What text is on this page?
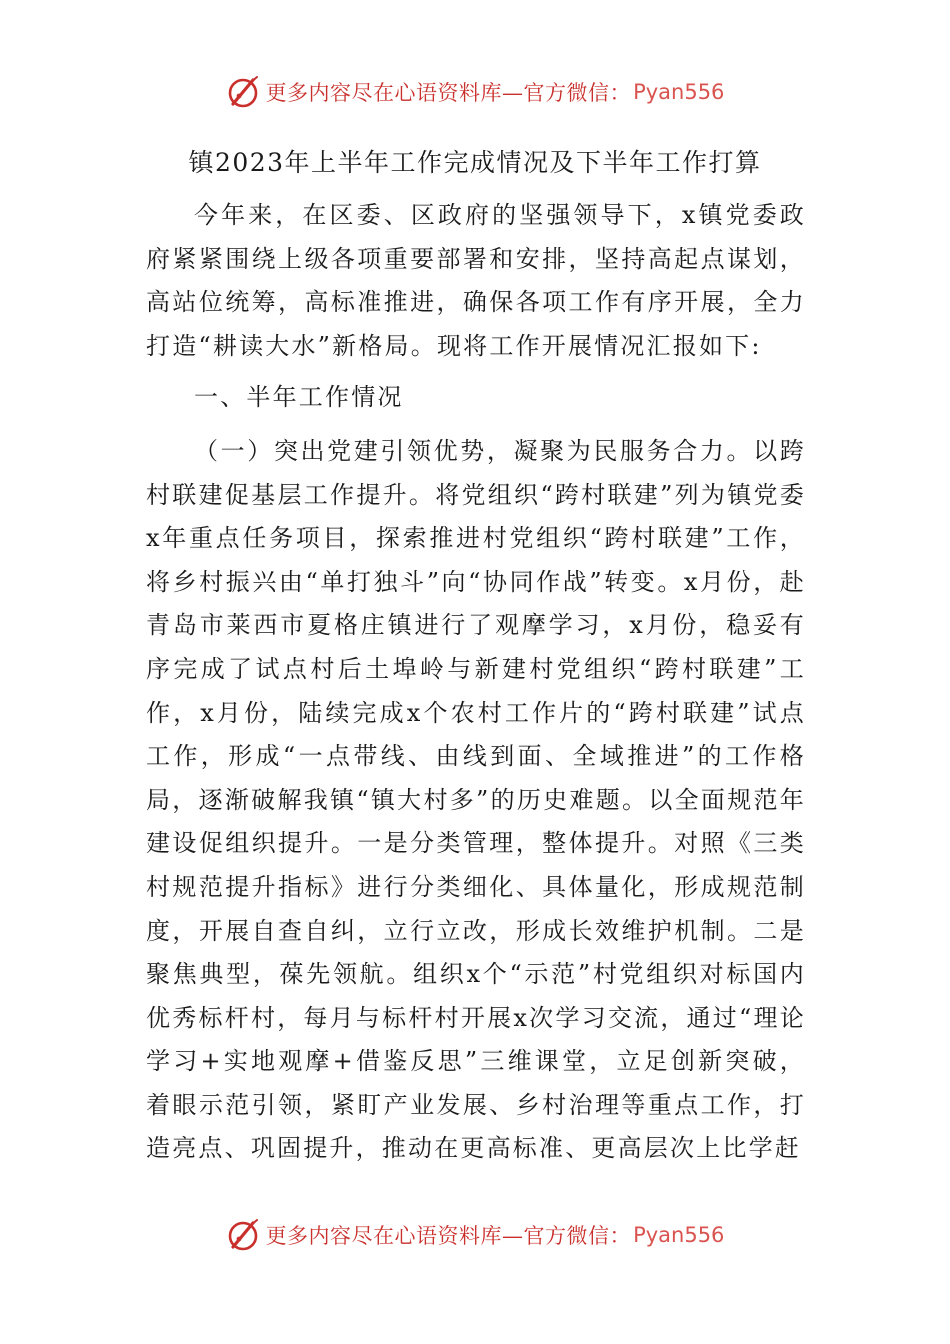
更多内容尽在心语资料库—官方微信： Pyan556
镇2023年上半年工作完成情况及下半年工作打算

今年来，在区委、区政府的坚强领导下，x镇党委政府紧紧围绕上级各项重要部署和安排，坚持高起点谋划，高站位统筹，高标准推进，确保各项工作有序开展，全力打造“耕读大水”新格局。现将工作开展情况汇报如下:

一、半年工作情况

（一）突出党建引领优势，凝聚为民服务合力。以跨村联建促基层工作提升。将党组织“跨村联建”列为镇党委x年重点任务项目，探索推进村党组织“跨村联建”工作，将乡村振兴由“单打独斗”向“协同作战”转变。x月份，赴青岛市莱西市夏格庄镇进行了观摩学习，x月份，稳妥有序完成了试点村后土埠岭与新建村党组织“跨村联建”工作，x月份，陆续完成x个农村工作片的“跨村联建”试点工作，形成“一点带线、由线到面、全域推进”的工作格局，逐渐破解我镇“镇大村多”的历史难题。以全面规范年建设促组织提升。一是分类管理，整体提升。对照《三类村规范提升指标》进行分类细化、具体量化，形成规范制度，开展自查自纠，立行立改，形成长效维护机制。二是聚焦典型，葆先领航。组织x个“示范”村党组织对标国内优秀标杆村，每月与标杆村开展x次学习交流，通过“理论学习+实地观摩+借鉴反思”三维课堂，立足创新突破，着眼示范引领，紧盯产业发展、乡村治理等重点工作，打造亮点、巩固提升，推动在更高标准、更高层次上比学赶

更多内容尽在心语资料库—官方微信： Pyan556
